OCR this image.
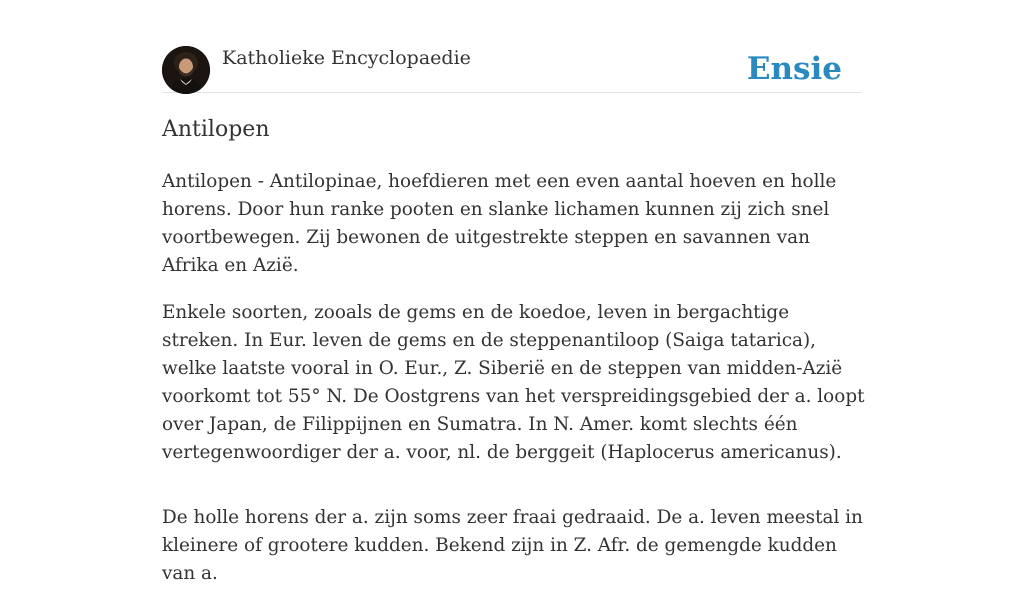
Katholieke Encyclopaedie	Ensie
Antilopen

Antilopen - Antilopinae, hoefdieren met een even aantal hoeven en holle horens. Door hun ranke pooten en slanke lichamen kunnen zij zich snel voortbewegen. Zij bewonen de uitgestrekte steppen en savannen van Afrika en Azië.

Enkele soorten, zooals de gems en de koedoe, leven in bergachtige streken. In Eur. leven de gems en de steppenantiloop (Saiga tatarica), welke laatste vooral in O. Eur., Z. Siberië en de steppen van midden-Azië voorkomt tot 55° N. De Oostgrens van het verspreidingsgebied der a. loopt over Japan, de Filippijnen en Sumatra. In N. Amer. komt slechts één vertegenwoordiger der a. voor, nl. de berggeit (Haplocerus americanus).

De holle horens der a. zijn soms zeer fraai gedraaid. De a. leven meestal in kleinere of grootere kudden. Bekend zijn in Z. Afr. de gemengde kudden van a.
